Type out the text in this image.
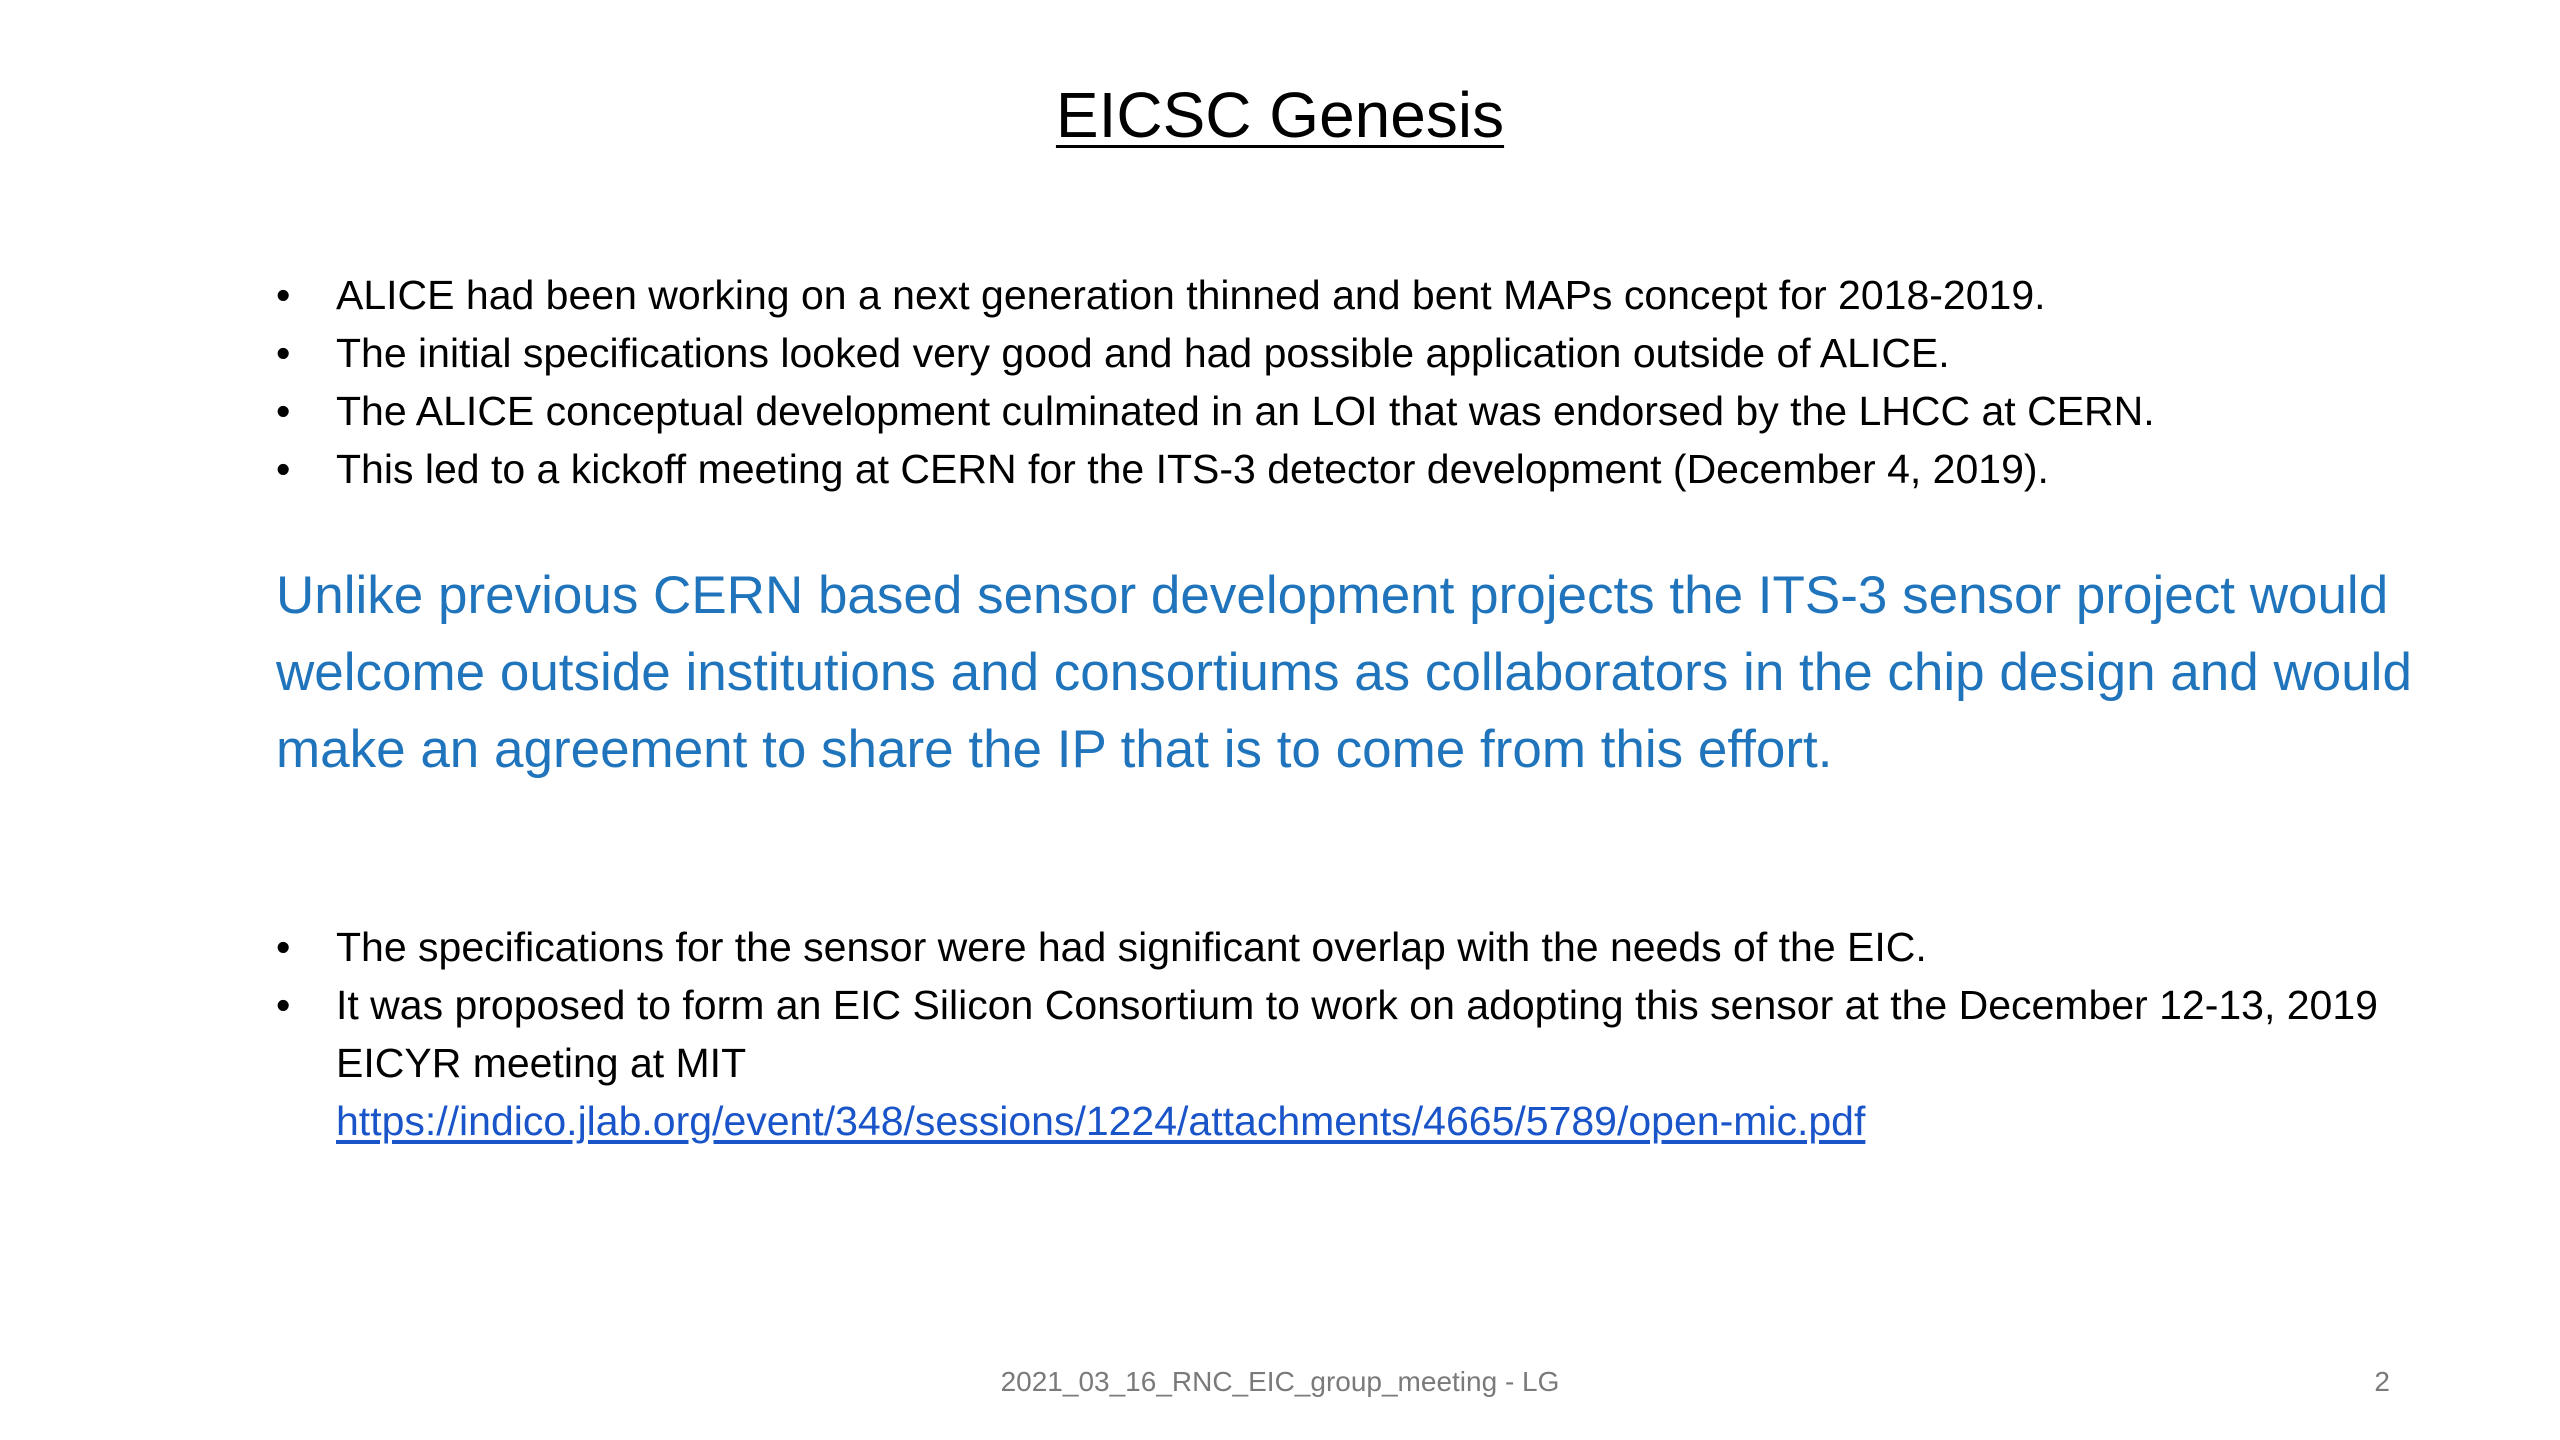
EICSC Genesis
• ALICE had been working on a next generation thinned and bent MAPs concept for 2018-2019.
• The initial specifications looked very good and had possible application outside of ALICE.
• The ALICE conceptual development culminated in an LOI that was endorsed by the LHCC at CERN.
• This led to a kickoff meeting at CERN for the ITS-3 detector development (December 4, 2019).

Unlike previous CERN based sensor development projects the ITS-3 sensor project would welcome outside institutions and consortiums as collaborators in the chip design and would make an agreement to share the IP that is to come from this effort.

• The specifications for the sensor were had significant overlap with the needs of the EIC.
• It was proposed to form an EIC Silicon Consortium to work on adopting this sensor at the December 12-13, 2019 EICYR meeting at MIT
https://indico.jlab.org/event/348/sessions/1224/attachments/4665/5789/open-mic.pdf
2021_03_16_RNC_EIC_group_meeting - LG	2
